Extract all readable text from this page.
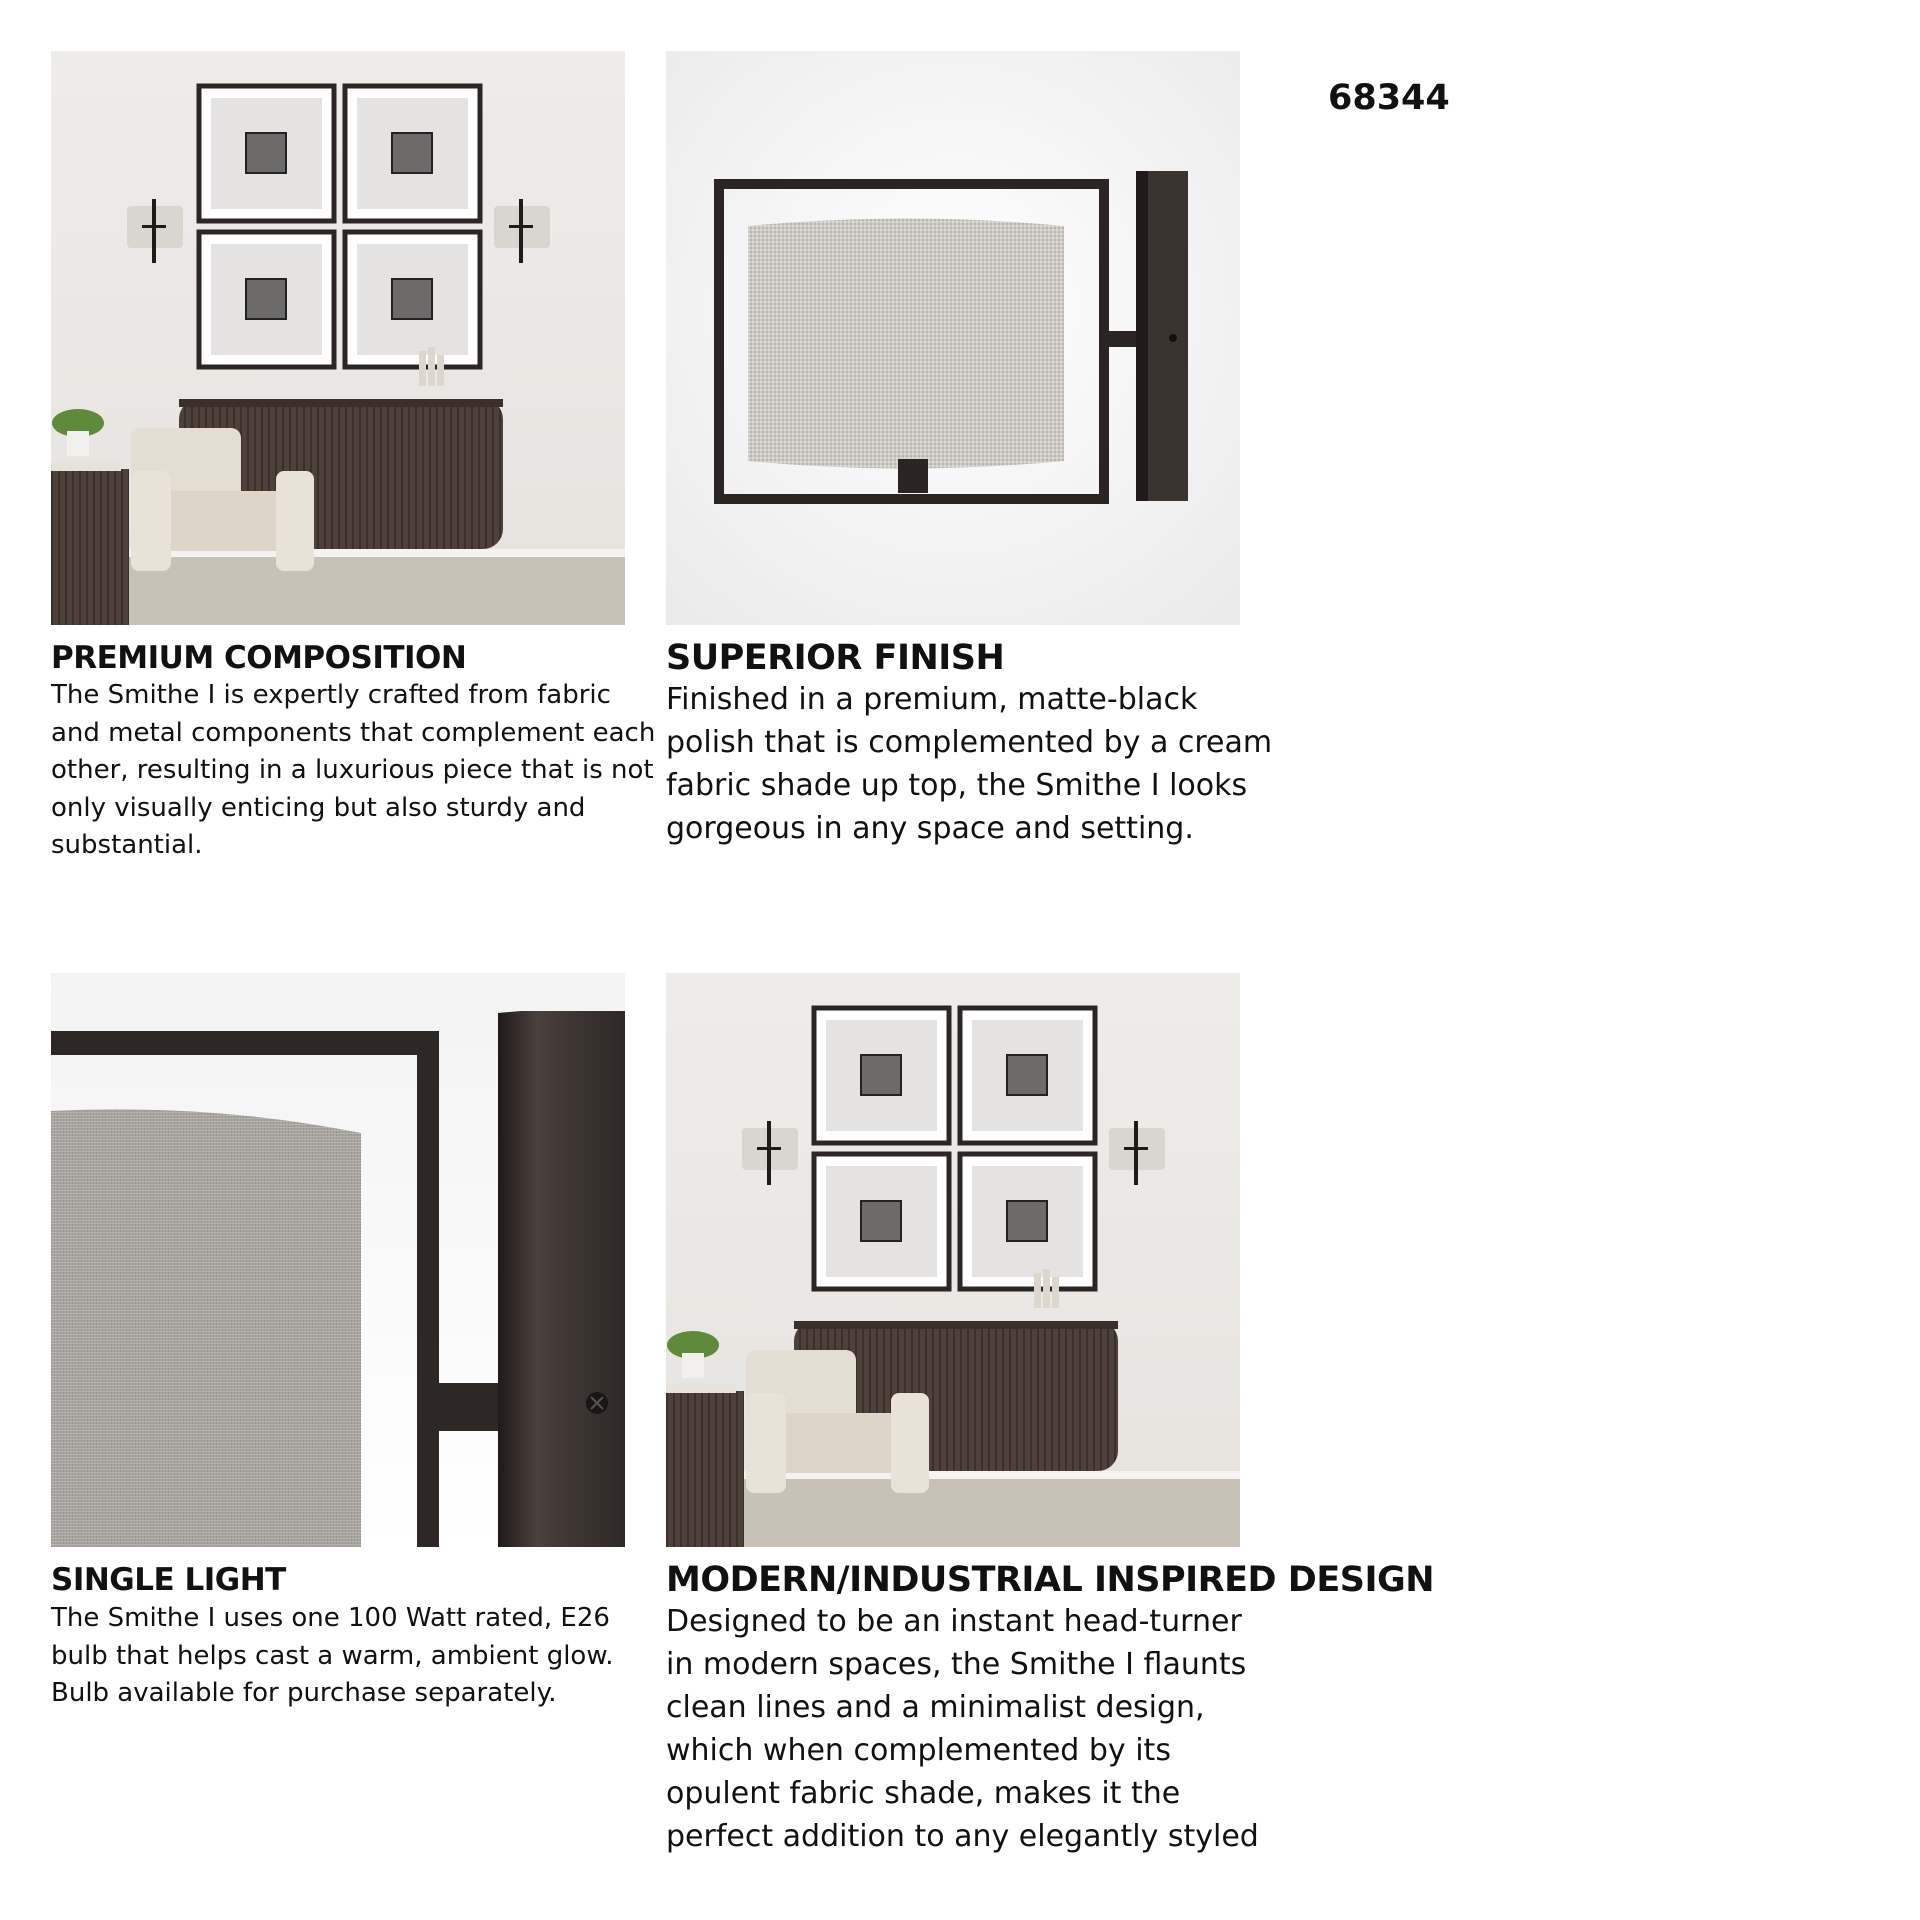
68344
PREMIUM COMPOSITION
The Smithe I is expertly crafted from fabric
and metal components that complement each
other, resulting in a luxurious piece that is not
only visually enticing but also sturdy and
substantial.
SUPERIOR FINISH
Finished in a premium, matte-black
polish that is complemented by a cream
fabric shade up top, the Smithe I looks
gorgeous in any space and setting.
SINGLE LIGHT
The Smithe I uses one 100 Watt rated, E26
bulb that helps cast a warm, ambient glow.
Bulb available for purchase separately.
MODERN/INDUSTRIAL INSPIRED DESIGN
Designed to be an instant head-turner
in modern spaces, the Smithe I flaunts
clean lines and a minimalist design,
which when complemented by its
opulent fabric shade, makes it the
perfect addition to any elegantly styled
